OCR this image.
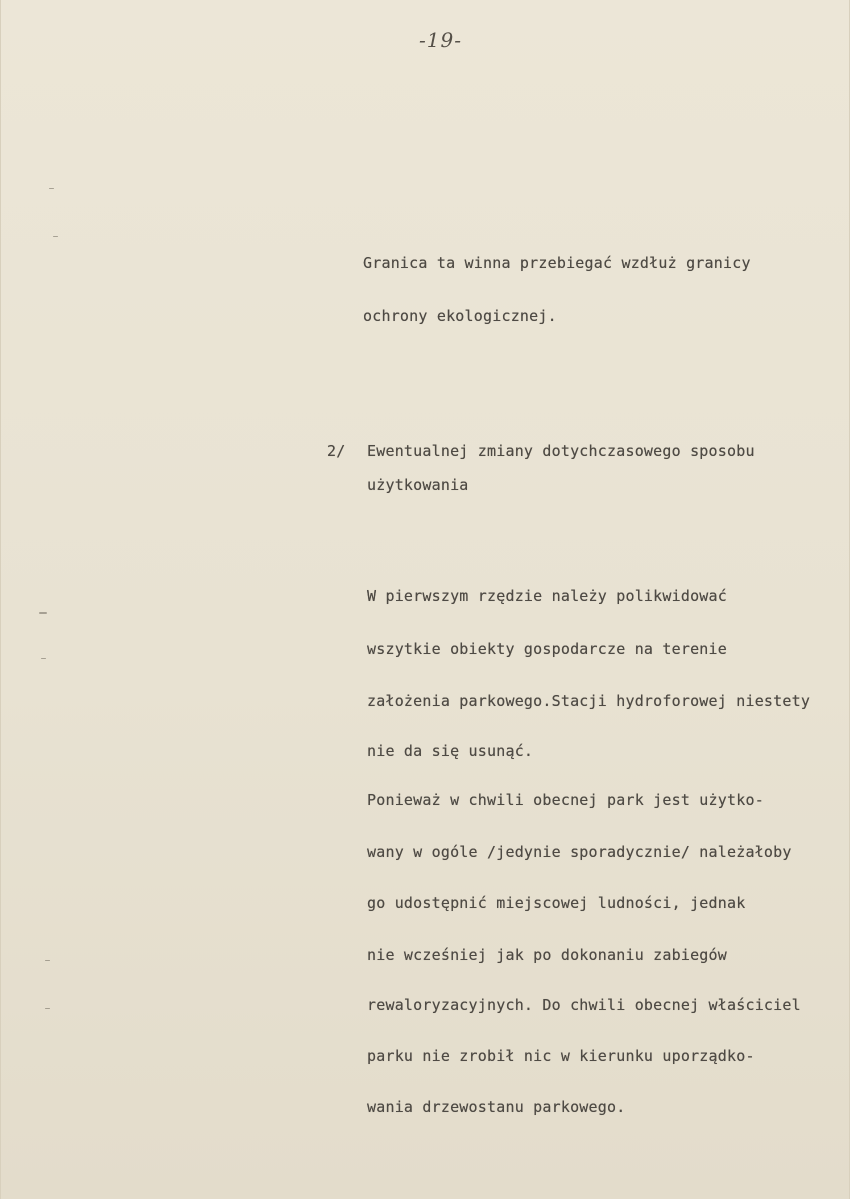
-19-
Granica ta winna przebiegać wzdłuż granicy
ochrony ekologicznej.
2/ Ewentualnej zmiany dotychczasowego sposobu
użytkowania
W pierwszym rzędzie należy polikwidować
wszytkie obiekty gospodarcze na terenie
założenia parkowego.Stacji hydroforowej niestety
nie da się usunąć.
Ponieważ w chwili obecnej park jest użytko-
wany w ogóle /jedynie sporadycznie/ należałoby
go udostępnić miejscowej ludności, jednak
nie wcześniej jak po dokonaniu zabiegów
rewaloryzacyjnych. Do chwili obecnej właściciel
parku nie zrobił nic w kierunku uporządko-
wania drzewostanu parkowego.
